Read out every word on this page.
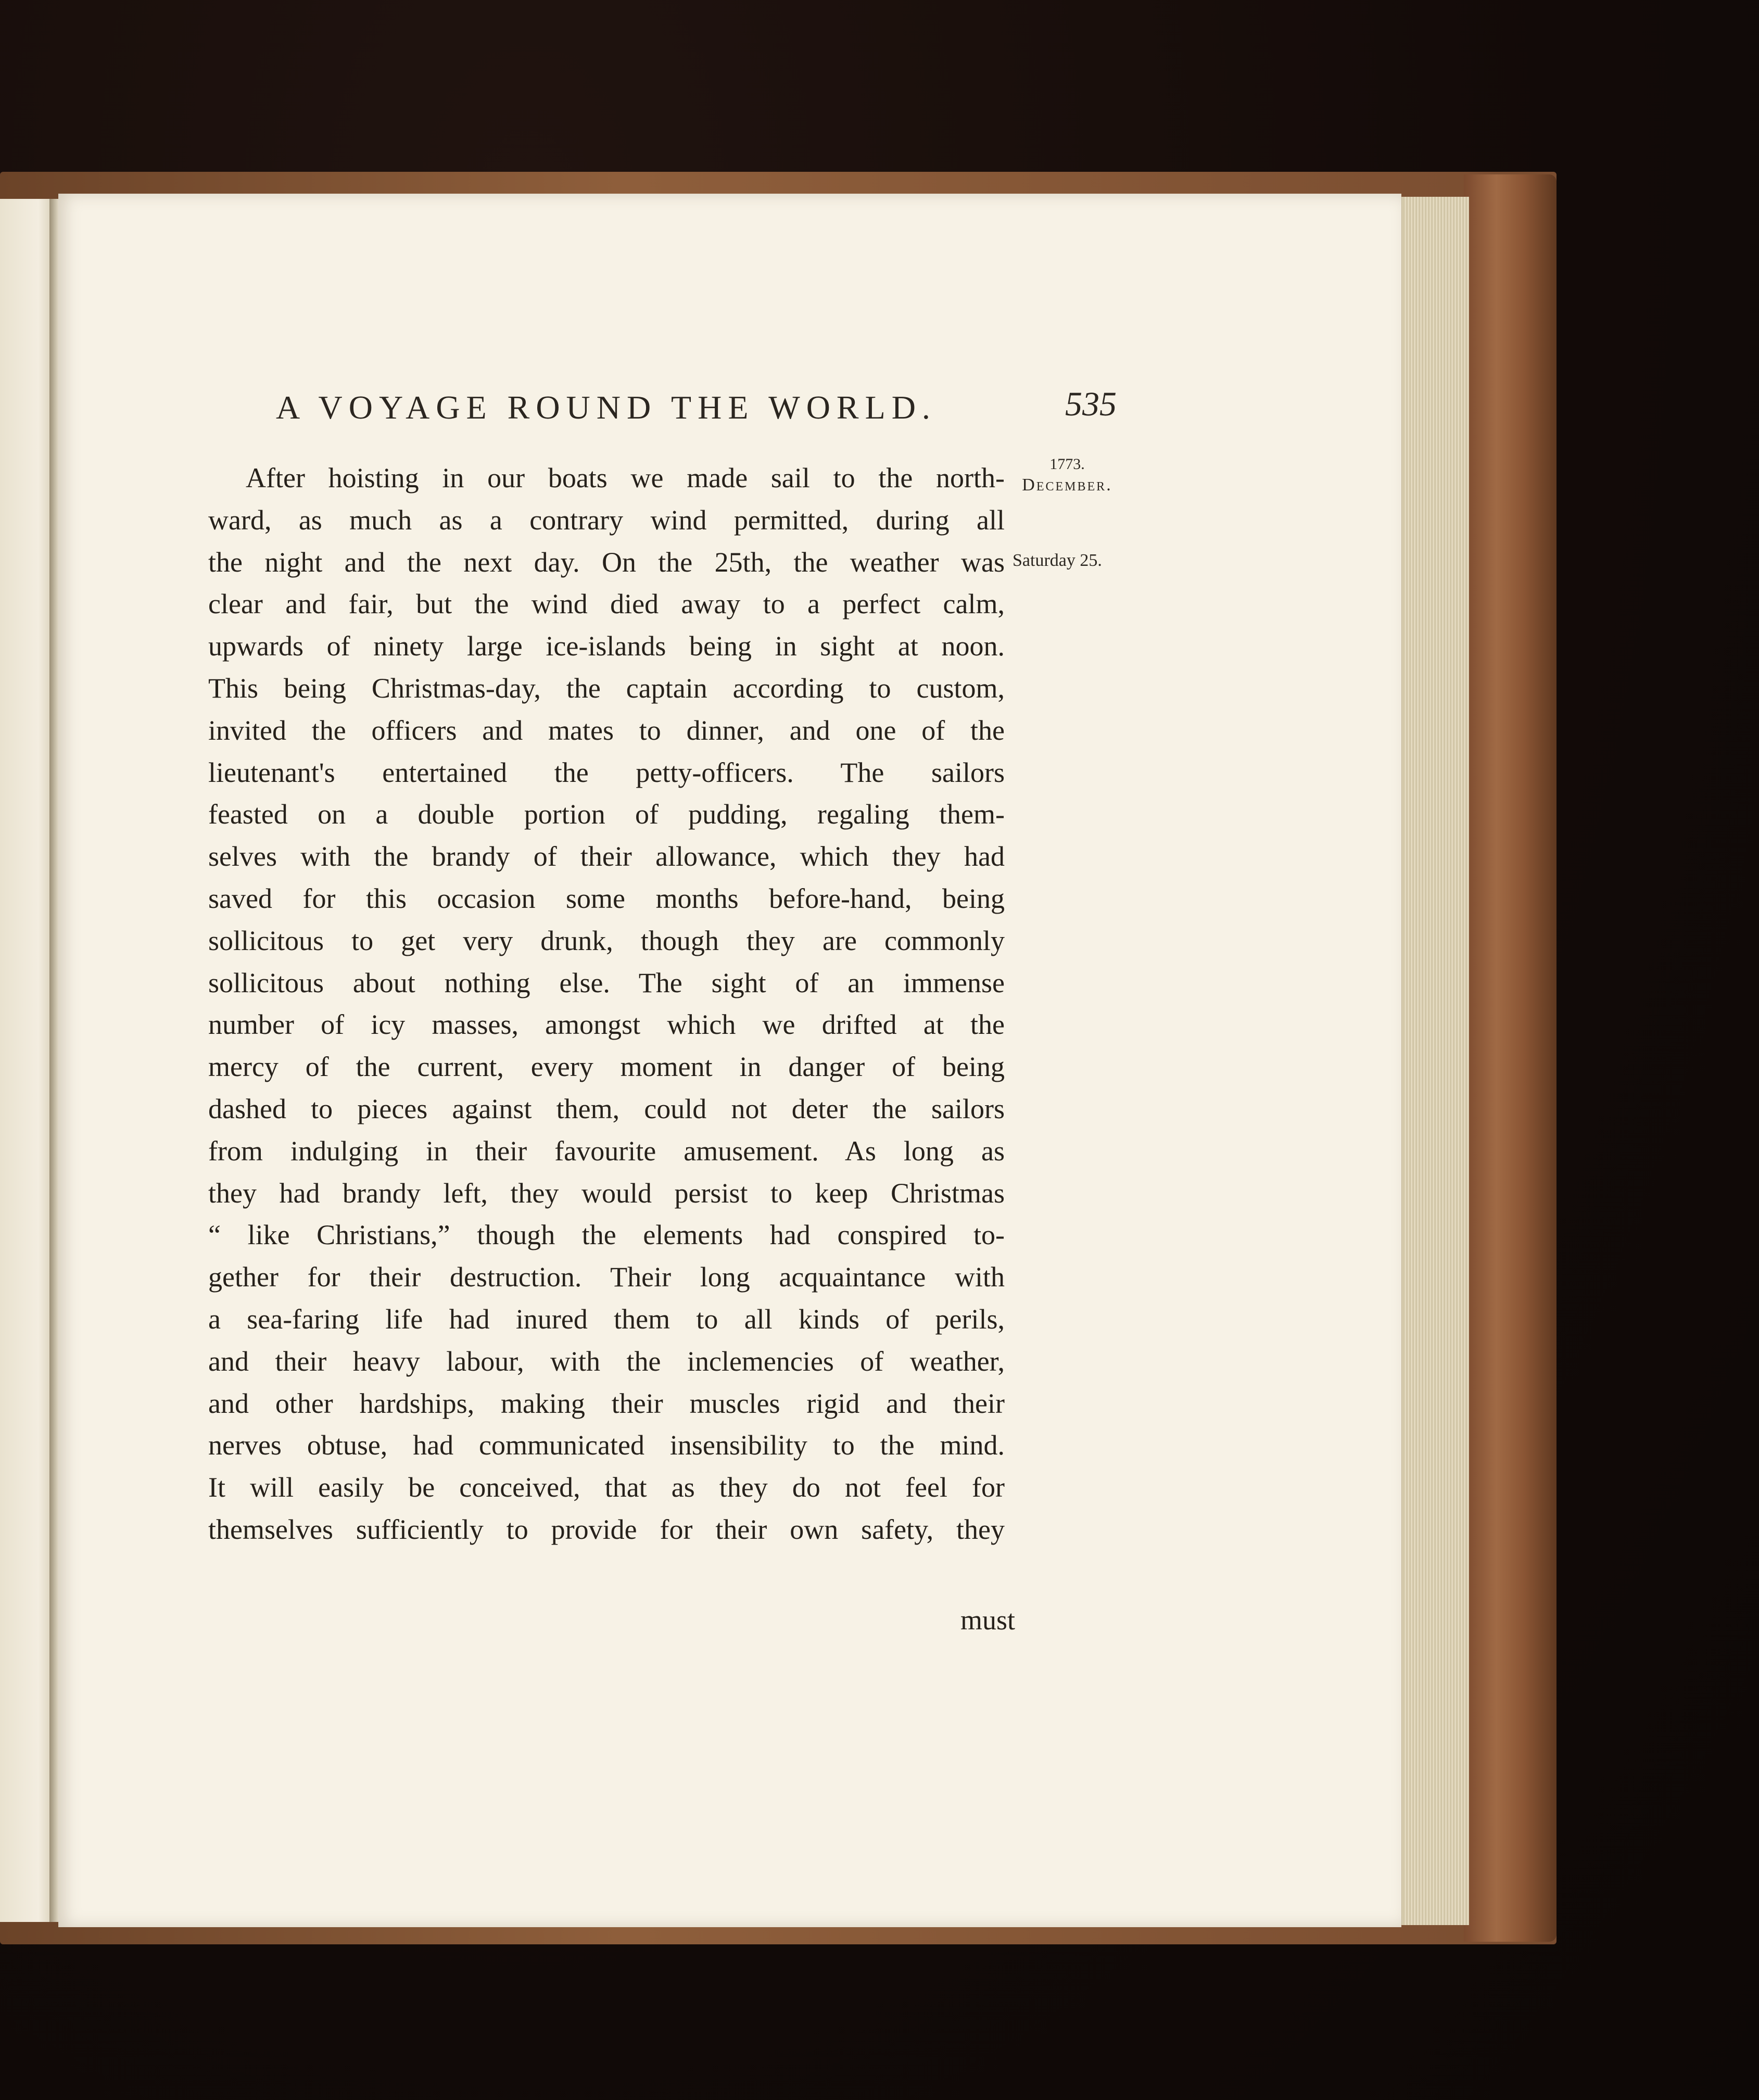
A VOYAGE ROUND THE WORLD.	535
1773.
December.
Saturday 25.
After hoisting in our boats we made sail to the north-
ward, as much as a contrary wind permitted, during all
the night and the next day. On the 25th, the weather was
clear and fair, but the wind died away to a perfect calm,
upwards of ninety large ice-islands being in sight at noon.
This being Christmas-day, the captain according to custom,
invited the officers and mates to dinner, and one of the
lieutenant's entertained the petty-officers. The sailors
feasted on a double portion of pudding, regaling them-
selves with the brandy of their allowance, which they had
saved for this occasion some months before-hand, being
sollicitous to get very drunk, though they are commonly
sollicitous about nothing else. The sight of an immense
number of icy masses, amongst which we drifted at the
mercy of the current, every moment in danger of being
dashed to pieces against them, could not deter the sailors
from indulging in their favourite amusement. As long as
they had brandy left, they would persist to keep Christmas
“ like Christians,” though the elements had conspired to-
gether for their destruction. Their long acquaintance with
a sea-faring life had inured them to all kinds of perils,
and their heavy labour, with the inclemencies of weather,
and other hardships, making their muscles rigid and their
nerves obtuse, had communicated insensibility to the mind.
It will easily be conceived, that as they do not feel for
themselves sufficiently to provide for their own safety, they
must
